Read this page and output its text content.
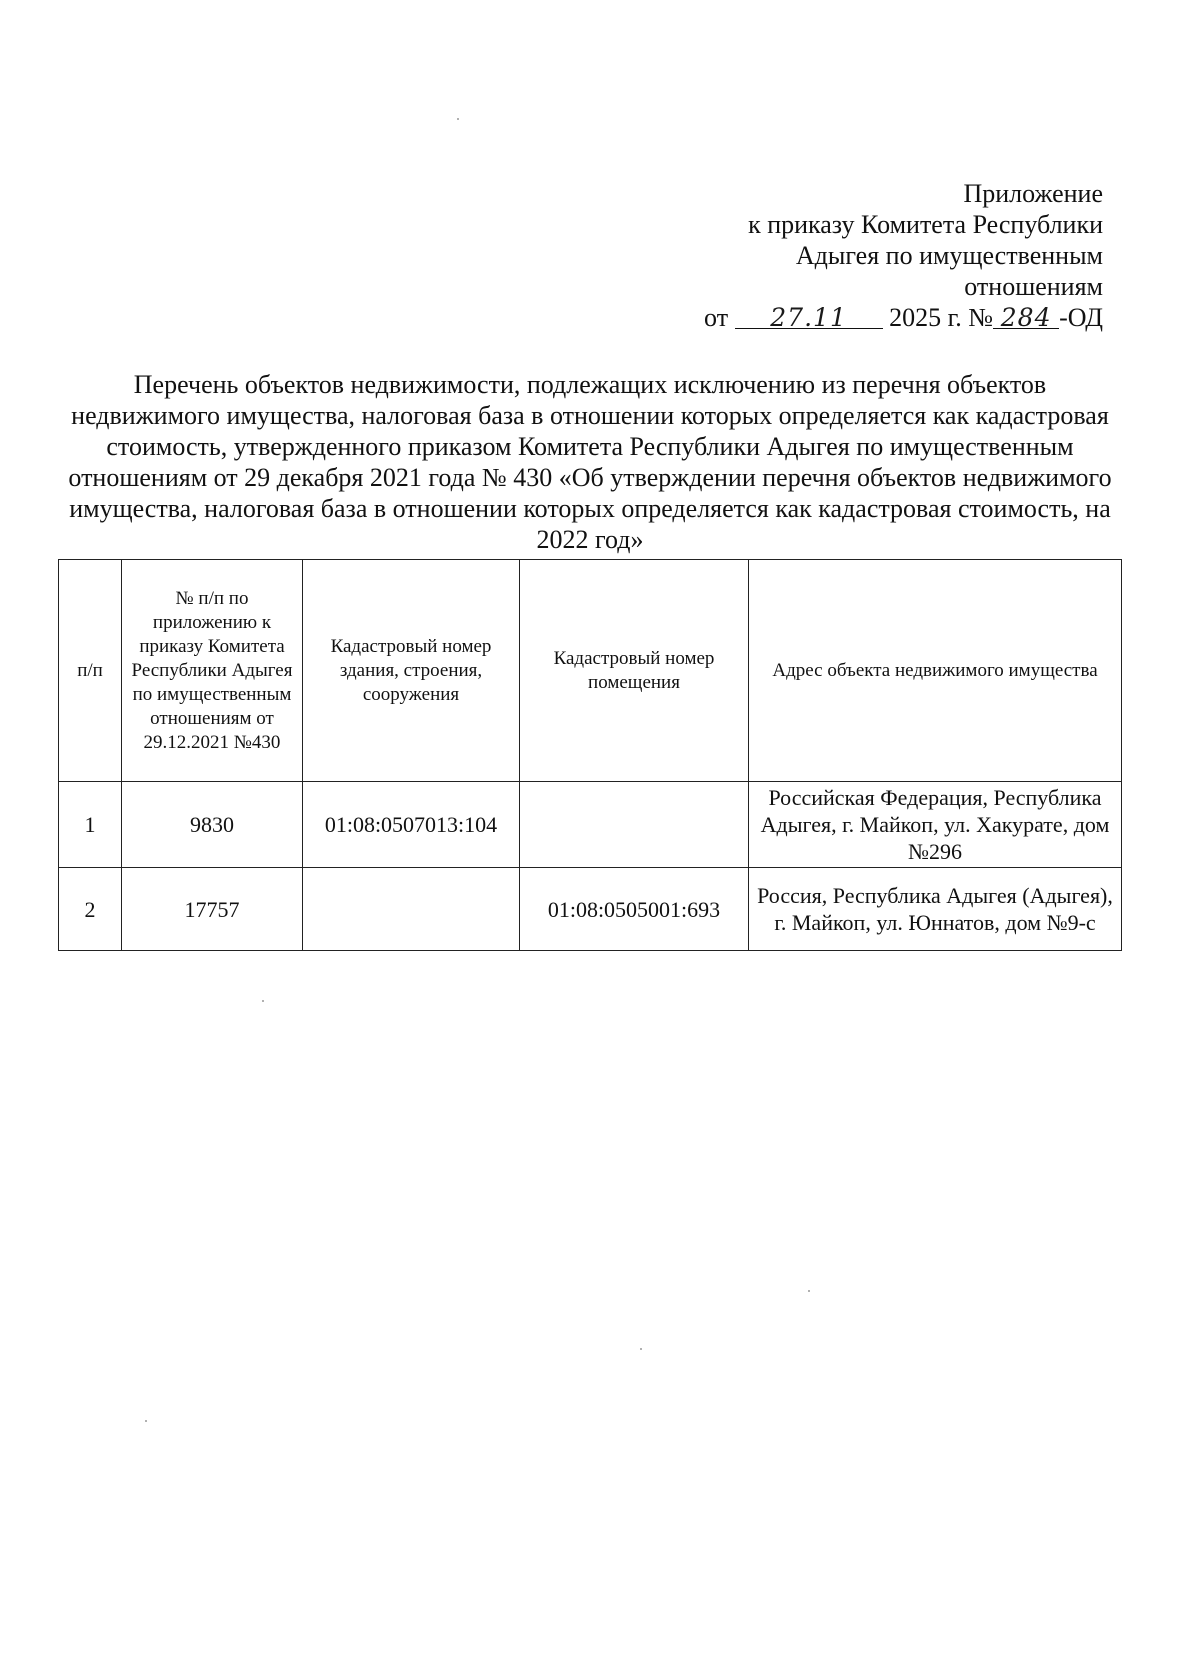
Приложение
к приказу Комитета Республики
Адыгея по имущественным
отношениям
от 27.11 2025 г. № 284 -ОД
Перечень объектов недвижимости, подлежащих исключению из перечня объектов недвижимого имущества, налоговая база в отношении которых определяется как кадастровая стоимость, утвержденного приказом Комитета Республики Адыгея по имущественным отношениям от 29 декабря 2021 года № 430 «Об утверждении перечня объектов недвижимого имущества, налоговая база в отношении которых определяется как кадастровая стоимость, на 2022 год»
п/п	№ п/п по приложению к приказу Комитета Республики Адыгея по имущественным отношениям от 29.12.2021 №430	Кадастровый номер здания, строения, сооружения	Кадастровый номер помещения	Адрес объекта недвижимого имущества
1	9830	01:08:0507013:104		Российская Федерация, Республика Адыгея, г. Майкоп, ул. Хакурате, дом №296
2	17757		01:08:0505001:693	Россия, Республика Адыгея (Адыгея), г. Майкоп, ул. Юннатов, дом №9-с
